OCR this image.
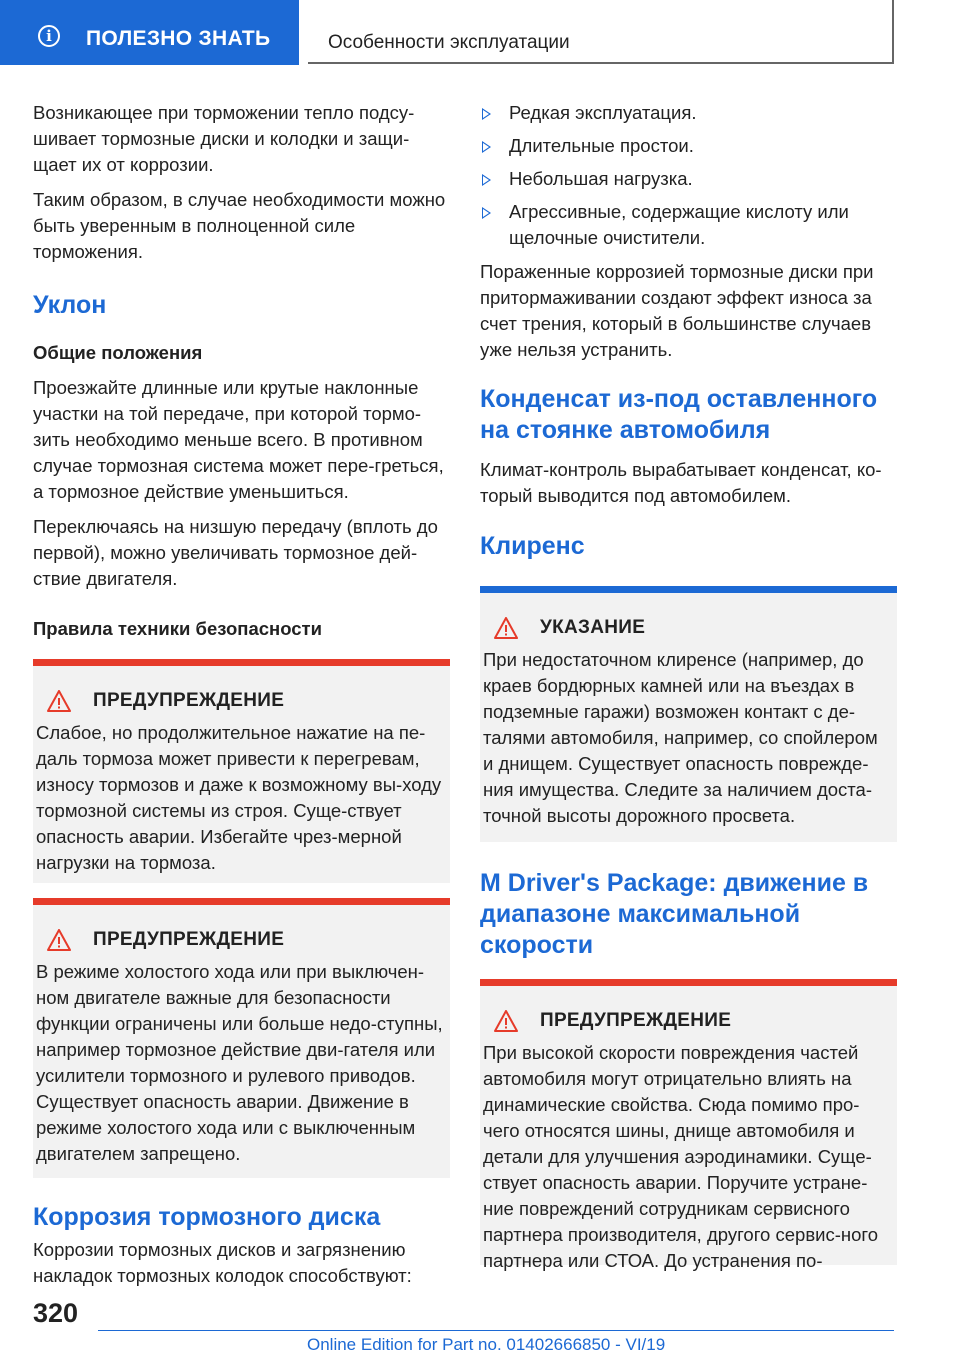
i	ПОЛЕЗНО ЗНАТЬ	Особенности эксплуатации

Возникающее при торможении тепло подсу-шивает тормозные диски и колодки и защи-щает их от коррозии.

Таким образом, в случае необходимости можно быть уверенным в полноценной силе торможения.

Уклон
Общие положения

Проезжайте длинные или крутые наклонные участки на той передаче, при которой тормо-зить необходимо меньше всего. В противном случае тормозная система может пере-греться, а тормозное действие уменьшиться.

Переключаясь на низшую передачу (вплоть до первой), можно увеличивать тормозное дей-ствие двигателя.

Правила техники безопасности
ПРЕДУПРЕЖДЕНИЕ

Слабое, но продолжительное нажатие на пе-даль тормоза может привести к перегревам, износу тормозов и даже к возможному вы-ходу тормозной системы из строя. Суще-ствует опасность аварии. Избегайте чрез-мерной нагрузки на тормоза.

ПРЕДУПРЕЖДЕНИЕ

В режиме холостого хода или при выключен-ном двигателе важные для безопасности функции ограничены или больше недо-ступны, например тормозное действие дви-гателя или усилители тормозного и рулевого приводов. Существует опасность аварии. Движение в режиме холостого хода или с выключенным двигателем запрещено.

Коррозия тормозного диска

Коррозии тормозных дисков и загрязнению накладок тормозных колодок способствуют:

Редкая эксплуатация.
Длительные простои.
Небольшая нагрузка.
Агрессивные, содержащие кислоту или щелочные очистители.

Пораженные коррозией тормозные диски при притормаживании создают эффект износа за счет трения, который в большинстве случаев уже нельзя устранить.

Конденсат из-под оставленного на стоянке автомобиля

Климат-контроль вырабатывает конденсат, ко-торый выводится под автомобилем.

Клиренс
УКАЗАНИЕ

При недостаточном клиренсе (например, до краев бордюрных камней или на въездах в подземные гаражи) возможен контакт с де-талями автомобиля, например, со спойлером и днищем. Существует опасность поврежде-ния имущества. Следите за наличием доста-точной высоты дорожного просвета.

M Driver's Package: движение в диапазоне максимальной скорости
ПРЕДУПРЕЖДЕНИЕ

При высокой скорости повреждения частей автомобиля могут отрицательно влиять на динамические свойства. Сюда помимо про-чего относятся шины, днище автомобиля и детали для улучшения аэродинамики. Суще-ствует опасность аварии. Поручите устране-ние повреждений сотрудникам сервисного партнера производителя, другого сервис-ного партнера или СТОА. До устранения по-

320
Online Edition for Part no. 01402666850 - VI/19
